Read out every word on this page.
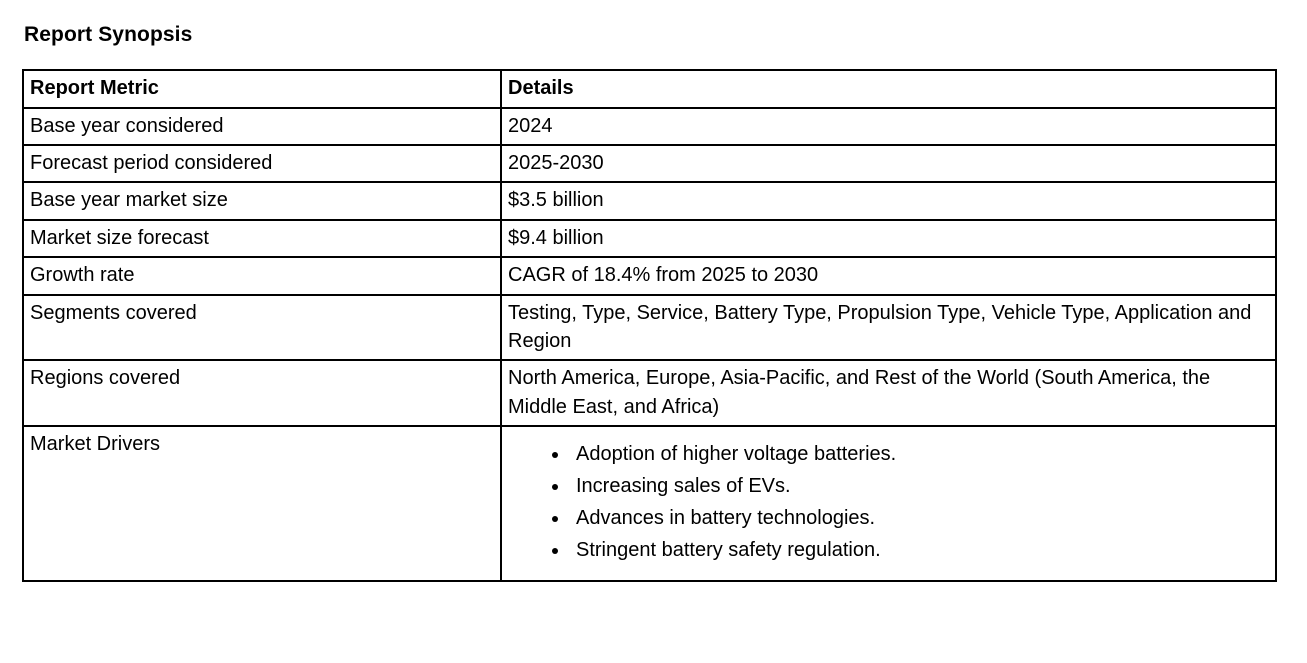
Report Synopsis
Report Metric	Details
Base year considered	2024
Forecast period considered	2025-2030
Base year market size	$3.5 billion
Market size forecast	$9.4 billion
Growth rate	CAGR of 18.4% from 2025 to 2030
Segments covered	Testing, Type, Service, Battery Type, Propulsion Type, Vehicle Type, Application and Region
Regions covered	North America, Europe, Asia-Pacific, and Rest of the World (South America, the Middle East, and Africa)
Market Drivers	
•Adoption of higher voltage batteries.
• Increasing sales of EVs.
• Advances in battery technologies.
• Stringent battery safety regulation.
